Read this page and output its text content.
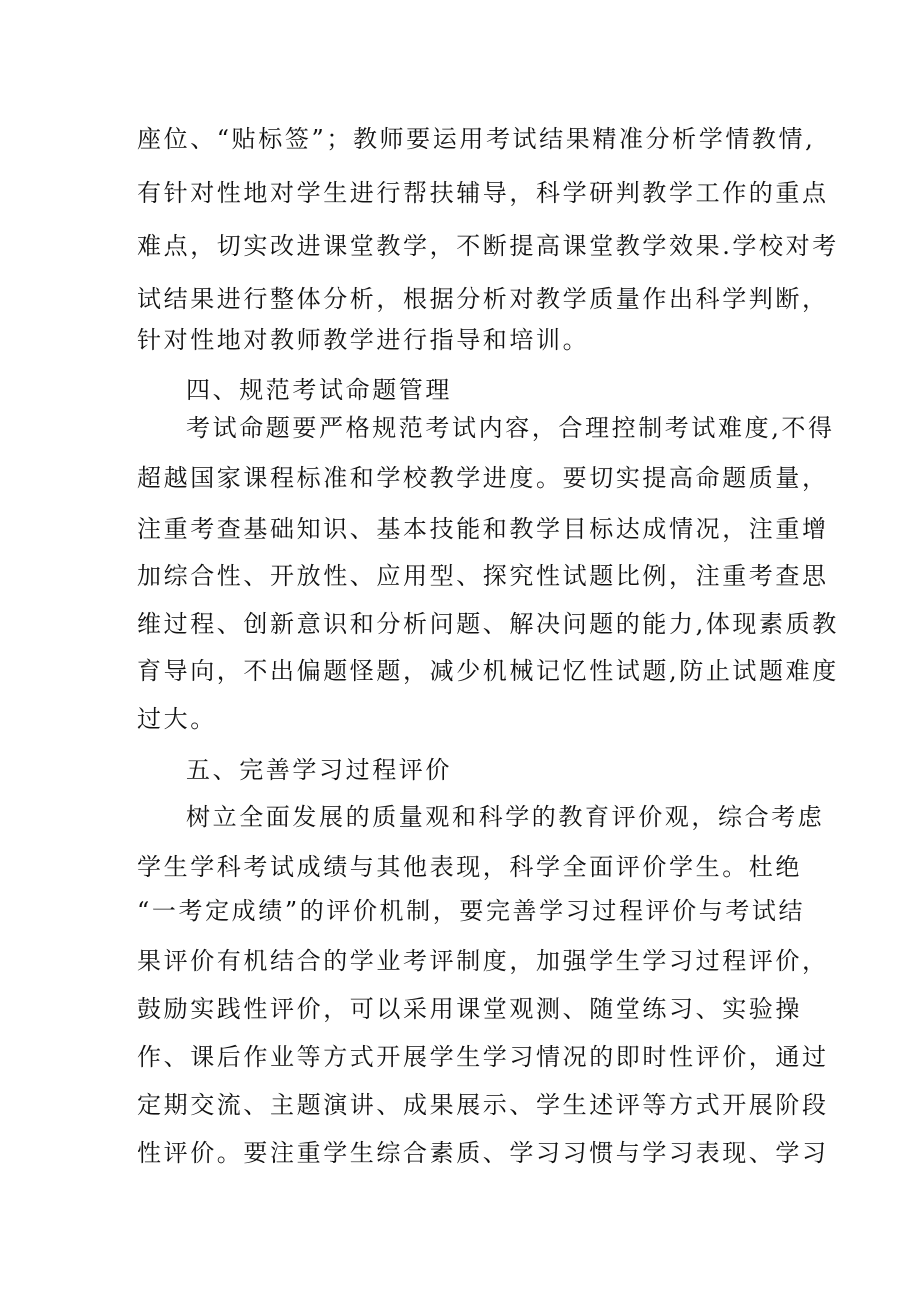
座位、“贴标签”；教师要运用考试结果精准分析学情教情,
有针对性地对学生进行帮扶辅导，科学研判教学工作的重点
难点，切实改进课堂教学，不断提高课堂教学效果.学校对考
试结果进行整体分析，根据分析对教学质量作出科学判断，
针对性地对教师教学进行指导和培训。
四、规范考试命题管理
考试命题要严格规范考试内容，合理控制考试难度,不得
超越国家课程标准和学校教学进度。要切实提高命题质量，
注重考查基础知识、基本技能和教学目标达成情况，注重增
加综合性、开放性、应用型、探究性试题比例，注重考查思
维过程、创新意识和分析问题、解决问题的能力,体现素质教
育导向，不出偏题怪题，减少机械记忆性试题,防止试题难度
过大。
五、完善学习过程评价
树立全面发展的质量观和科学的教育评价观，综合考虑
学生学科考试成绩与其他表现，科学全面评价学生。杜绝
“一考定成绩”的评价机制，要完善学习过程评价与考试结
果评价有机结合的学业考评制度，加强学生学习过程评价，
鼓励实践性评价，可以采用课堂观测、随堂练习、实验操
作、课后作业等方式开展学生学习情况的即时性评价，通过
定期交流、主题演讲、成果展示、学生述评等方式开展阶段
性评价。要注重学生综合素质、学习习惯与学习表现、学习
